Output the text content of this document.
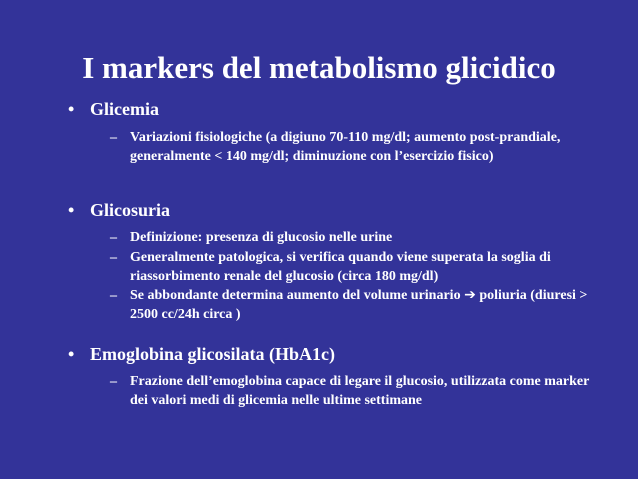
I markers del metabolismo glicidico
• Glicemia
– Variazioni fisiologiche (a digiuno 70-110 mg/dl; aumento post-prandiale, generalmente < 140 mg/dl; diminuzione con l’esercizio fisico)
• Glicosuria
– Definizione: presenza di glucosio nelle urine
– Generalmente patologica, si verifica quando viene superata la soglia di riassorbimento renale del glucosio (circa 180 mg/dl)
– Se abbondante determina aumento del volume urinario ➔ poliuria (diuresi > 2500 cc/24h circa )
• Emoglobina glicosilata (HbA1c)
– Frazione dell’emoglobina capace di legare il glucosio, utilizzata come marker dei valori medi di glicemia nelle ultime settimane
